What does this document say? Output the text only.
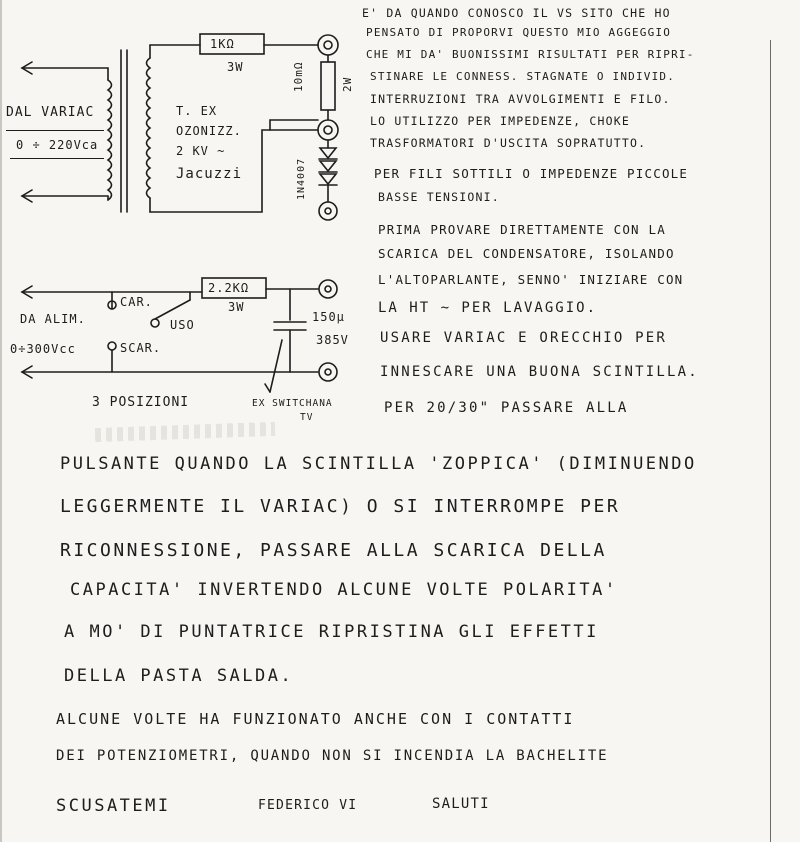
DAL VARIAC
0 ÷ 220Vca
1KΩ
3W
T. EX
OZONIZZ.
2 KV ~
Jacuzzi
10mΩ	2W
1N4007
2.2KΩ
3W
CAR.
DA ALIM.	USO
0÷300Vcc	SCAR.
150µ
385V
3 POSIZIONI	EX SWITCHANA
TV
E' DA QUANDO CONOSCO IL VS SITO CHE HO
PENSATO DI PROPORVI QUESTO MIO AGGEGGIO
CHE MI DA' BUONISSIMI RISULTATI PER RIPRI-
STINARE LE CONNESS. STAGNATE O INDIVID.
INTERRUZIONI TRA AVVOLGIMENTI E FILO.
LO UTILIZZO PER IMPEDENZE, CHOKE
TRASFORMATORI D'USCITA SOPRATUTTO.
PER FILI SOTTILI O IMPEDENZE PICCOLE
BASSE TENSIONI.
PRIMA PROVARE DIRETTAMENTE CON LA
SCARICA DEL CONDENSATORE, ISOLANDO
L'ALTOPARLANTE, SENNO' INIZIARE CON
LA HT ~ PER LAVAGGIO.
USARE VARIAC E ORECCHIO PER
INNESCARE UNA BUONA SCINTILLA.
PER 20/30" PASSARE ALLA
PULSANTE QUANDO LA SCINTILLA 'ZOPPICA' (DIMINUENDO
LEGGERMENTE IL VARIAC) O SI INTERROMPE PER
RICONNESSIONE, PASSARE ALLA SCARICA DELLA
CAPACITA' INVERTENDO ALCUNE VOLTE POLARITA'
A MO' DI PUNTATRICE RIPRISTINA GLI EFFETTI
DELLA PASTA SALDA.
ALCUNE VOLTE HA FUNZIONATO ANCHE CON I CONTATTI
DEI POTENZIOMETRI, QUANDO NON SI INCENDIA LA BACHELITE
SCUSATEMI	FEDERICO VI	SALUTI
